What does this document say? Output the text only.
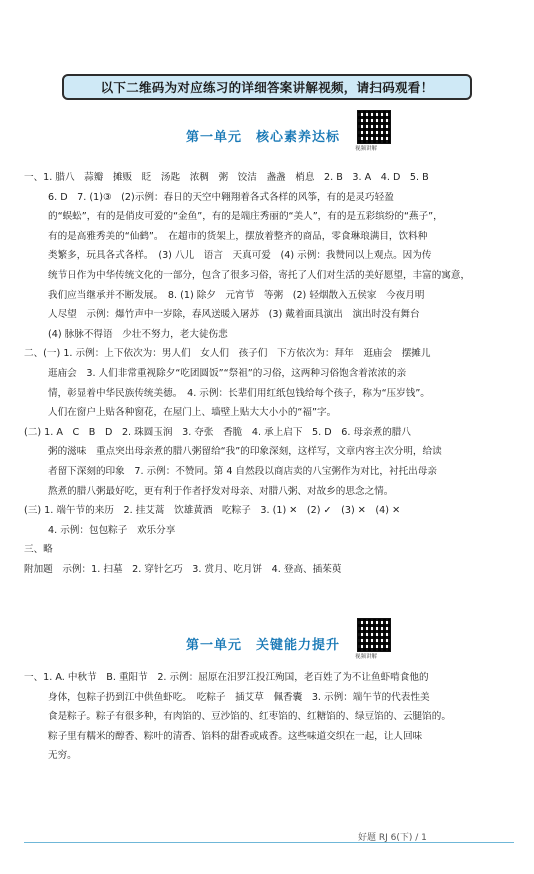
以下二维码为对应练习的详细答案讲解视频，请扫码观看！
第一单元　核心素养达标
视频讲解
一、1. 腊八　蒜瓣　摊贩　眨　汤匙　浓稠　粥　饺洁　盏盏　梢息　2. B　3. A　4. D　5. B
6. D　7. (1)③　(2)示例：春日的天空中翱翔着各式各样的风筝，有的是灵巧轻盈
的“蜈蚣”，有的是俏皮可爱的“金鱼”，有的是端庄秀丽的“美人”，有的是五彩缤纷的“燕子”，
有的是高雅秀美的“仙鹤”。　在超市的货架上，摆放着整齐的商品，零食琳琅满目，饮料种
类繁多，玩具各式各样。　(3) 八儿　语言　天真可爱　(4) 示例：我赞同以上观点。因为传
统节日作为中华传统文化的一部分，包含了很多习俗，寄托了人们对生活的美好愿望，丰富的寓意，
我们应当继承并不断发展。　8. (1) 除夕　元宵节　等粥　(2) 轻烟散入五侯家　今夜月明
人尽望　示例：爆竹声中一岁除，春风送暖入屠苏　(3) 戴着面具演出　演出时没有舞台
(4) 脉脉不得语　少壮不努力，老大徒伤悲
二、(一) 1. 示例：上下依次为：男人们　女人们　孩子们　下方依次为：拜年　逛庙会　摆摊儿
逛庙会　3. 人们非常重视除夕“吃团圆饭”“祭祖”的习俗，这两种习俗饱含着浓浓的亲
情，彰显着中华民族传统美德。　4. 示例：长辈们用红纸包钱给每个孩子，称为“压岁钱”。
人们在窗户上贴各种窗花，在屋门上、墙壁上贴大大小小的“福”字。
(二) 1. A　C　B　D　2. 珠圆玉润　3. 夺张　香脆　4. 承上启下　5. D　6. 母亲煮的腊八
粥的滋味　重点突出母亲煮的腊八粥留给“我”的印象深刻，这样写，文章内容主次分明，给读
者留下深刻的印象　7. 示例：不赞同。第 4 自然段以商店卖的八宝粥作为对比，衬托出母亲
熬煮的腊八粥最好吃，更有利于作者抒发对母亲、对腊八粥、对故乡的思念之情。
(三) 1. 端午节的来历　2. 挂艾蒿　饮雄黄酒　吃粽子　3. (1) ✕　(2) ✓　(3) ✕　(4) ✕
4. 示例：包包粽子　欢乐分享
三、略
附加题　示例：1. 扫墓　2. 穿针乞巧　3. 赏月、吃月饼　4. 登高、插茱萸
第一单元　关键能力提升
视频讲解
一、1. A. 中秋节　B. 重阳节　2. 示例：屈原在汨罗江投江殉国，老百姓了为不让鱼虾啃食他的
身体，包粽子扔到江中供鱼虾吃。　吃粽子　插艾草　佩香囊　3. 示例：端午节的代表性美
食是粽子。粽子有很多种，有肉馅的、豆沙馅的、红枣馅的、红糖馅的、绿豆馅的、云腿馅的。
粽子里有糯米的醇香、粽叶的清香、馅料的甜香或咸香。这些味道交织在一起，让人回味
无穷。
好题 RJ 6(下) / 1
